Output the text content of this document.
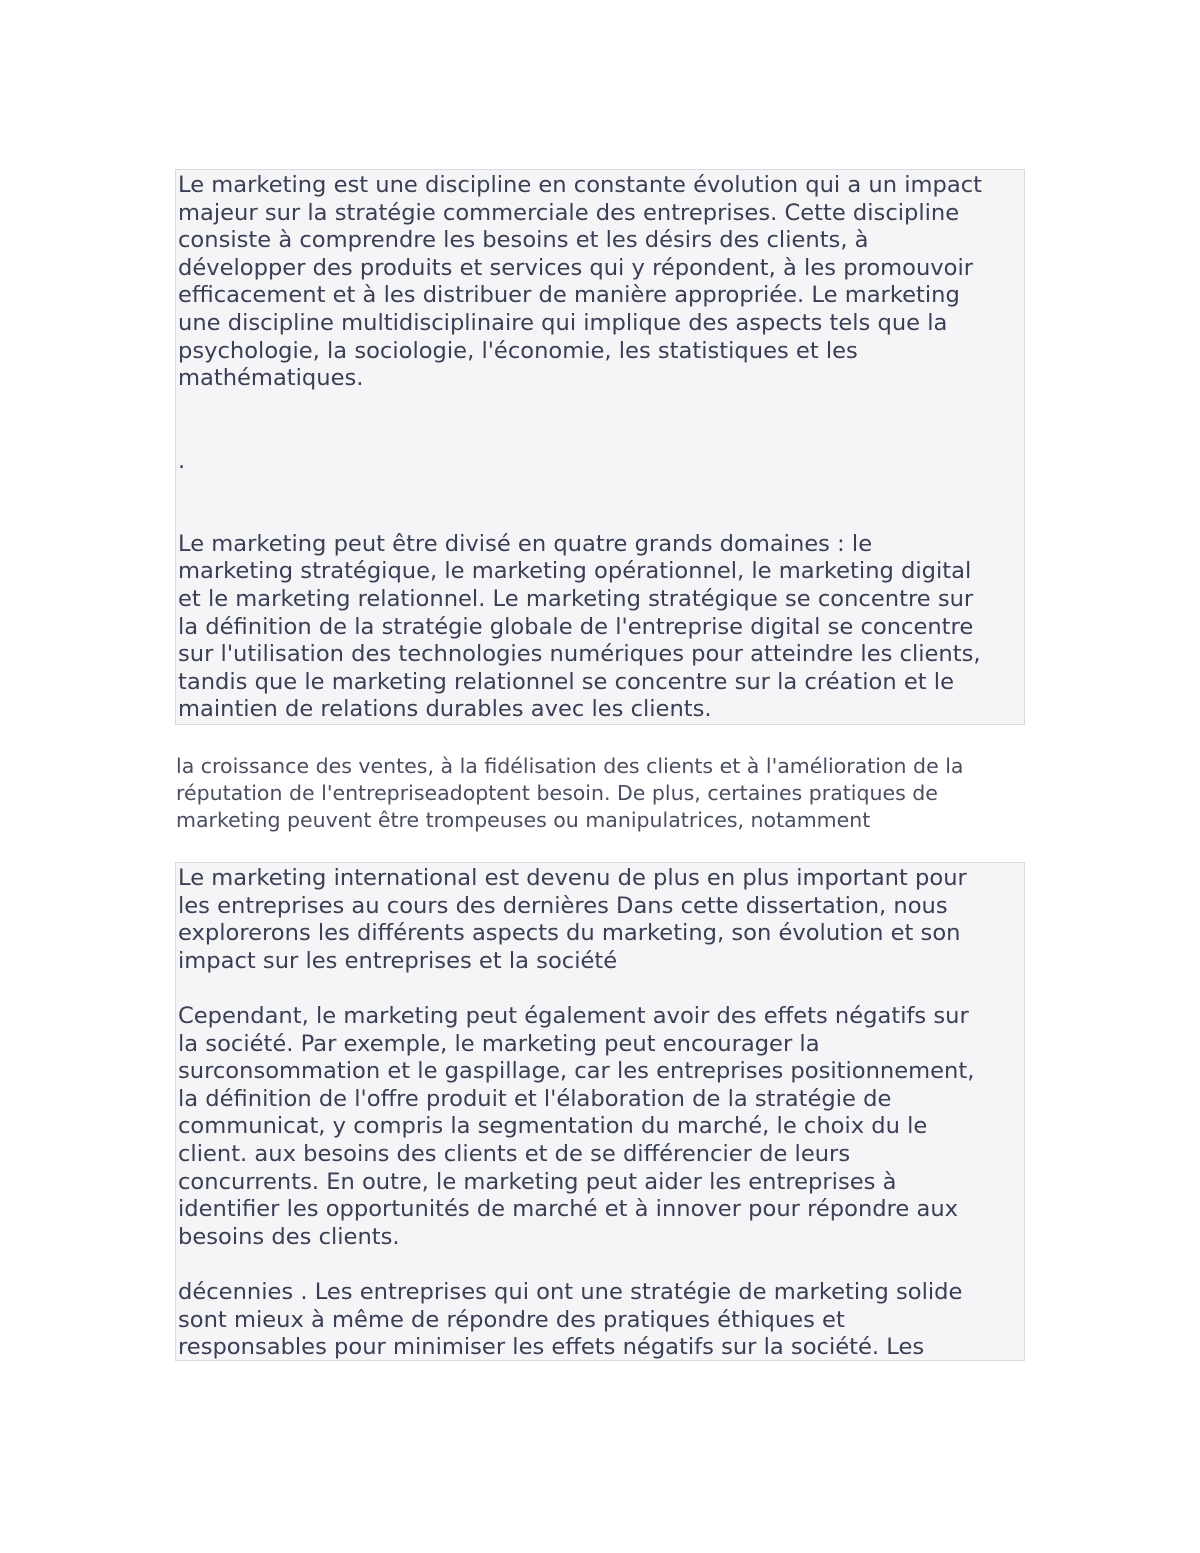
Le marketing est une discipline en constante évolution qui a un impact
majeur sur la stratégie commerciale des entreprises. Cette discipline
consiste à comprendre les besoins et les désirs des clients, à
développer des produits et services qui y répondent, à les promouvoir
efficacement et à les distribuer de manière appropriée. Le marketing
une discipline multidisciplinaire qui implique des aspects tels que la
psychologie, la sociologie, l'économie, les statistiques et les
mathématiques.

.

Le marketing peut être divisé en quatre grands domaines : le
marketing stratégique, le marketing opérationnel, le marketing digital
et le marketing relationnel. Le marketing stratégique se concentre sur
la définition de la stratégie globale de l'entreprise digital se concentre
sur l'utilisation des technologies numériques pour atteindre les clients,
tandis que le marketing relationnel se concentre sur la création et le
maintien de relations durables avec les clients.

la croissance des ventes, à la fidélisation des clients et à l'amélioration de la
réputation de l'entrepriseadoptent besoin. De plus, certaines pratiques de
marketing peuvent être trompeuses ou manipulatrices, notamment

Le marketing international est devenu de plus en plus important pour
les entreprises au cours des dernières Dans cette dissertation, nous
explorerons les différents aspects du marketing, son évolution et son
impact sur les entreprises et la société

Cependant, le marketing peut également avoir des effets négatifs sur
la société. Par exemple, le marketing peut encourager la
surconsommation et le gaspillage, car les entreprises positionnement,
la définition de l'offre produit et l'élaboration de la stratégie de
communicat, y compris la segmentation du marché, le choix du le
client. aux besoins des clients et de se différencier de leurs
concurrents. En outre, le marketing peut aider les entreprises à
identifier les opportunités de marché et à innover pour répondre aux
besoins des clients.

décennies . Les entreprises qui ont une stratégie de marketing solide
sont mieux à même de répondre des pratiques éthiques et
responsables pour minimiser les effets négatifs sur la société. Les
